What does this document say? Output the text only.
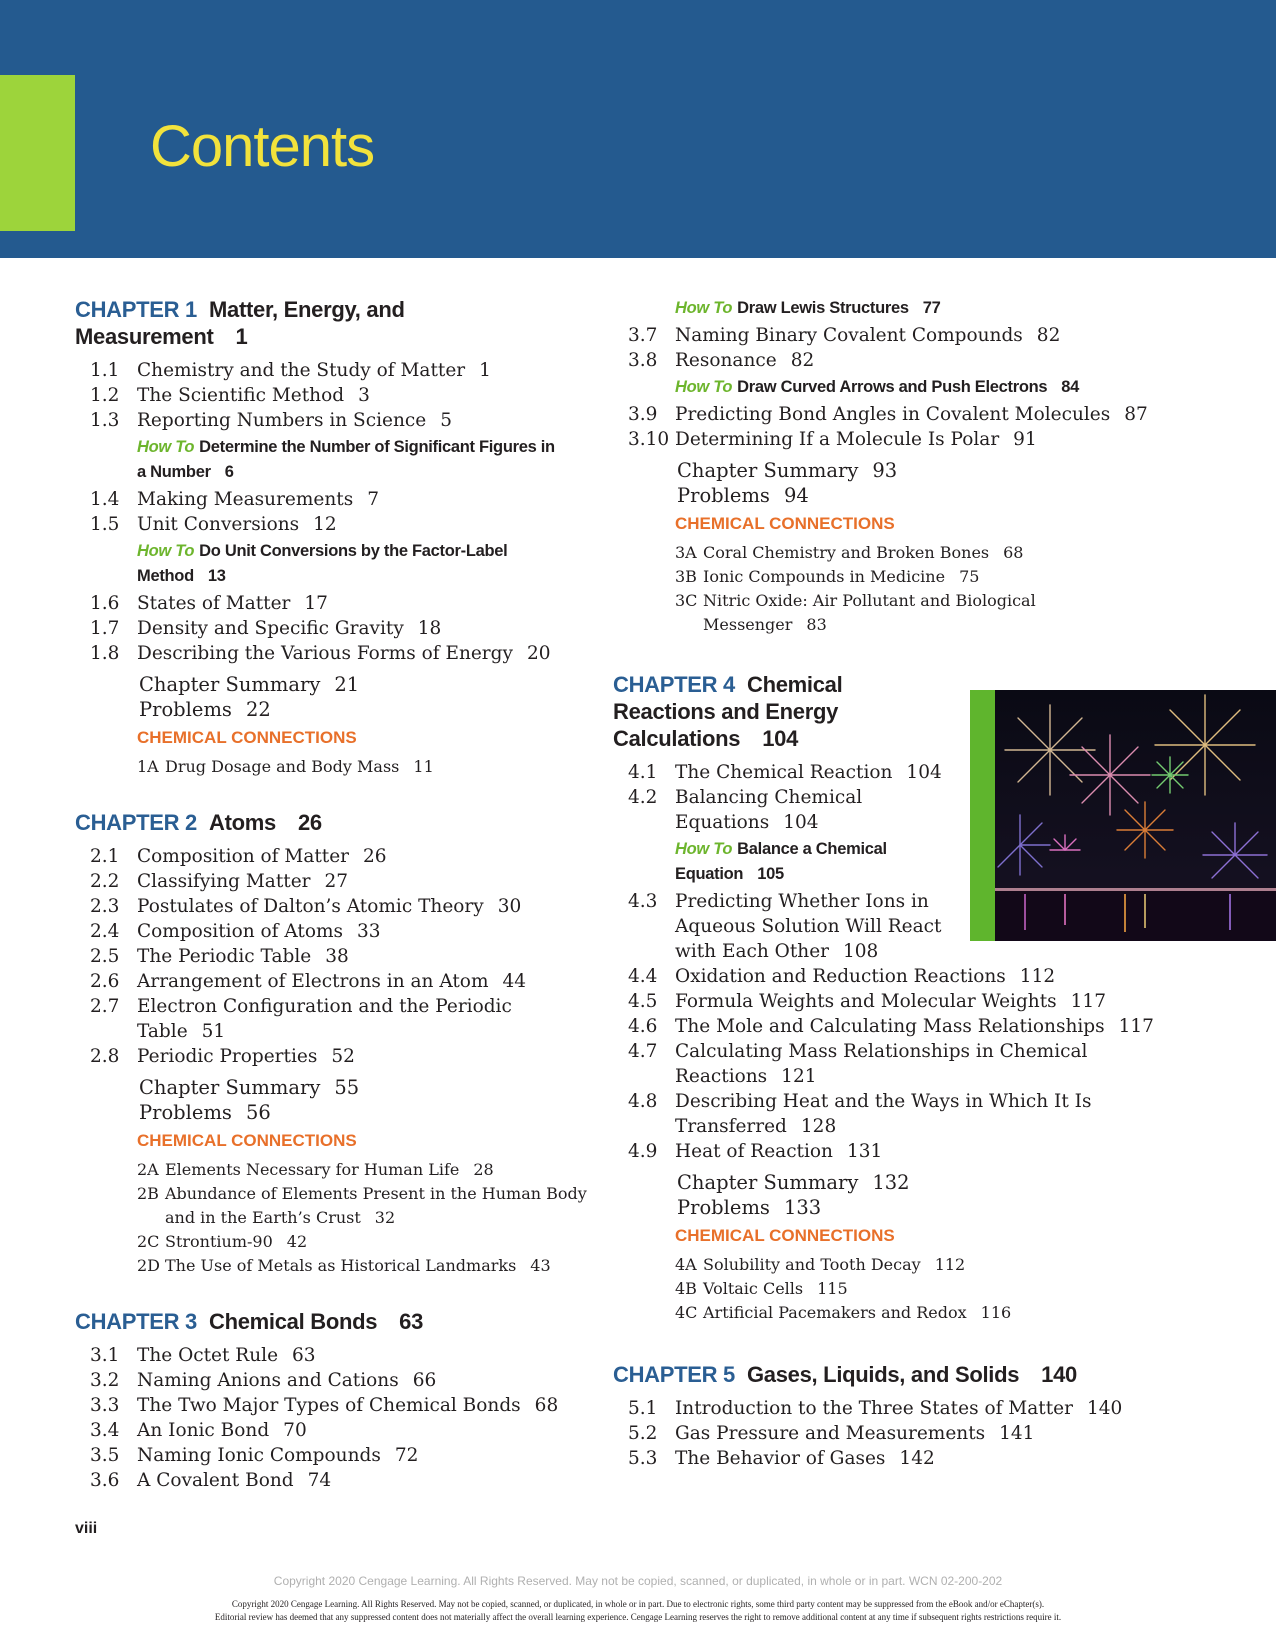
Contents
CHAPTER 1 Matter, Energy, and
Measurement 1
1.1 Chemistry and the Study of Matter 1
1.2 The Scientific Method 3
1.3 Reporting Numbers in Science 5
How To Determine the Number of Significant Figures in
a Number 6
1.4 Making Measurements 7
1.5 Unit Conversions 12
How To Do Unit Conversions by the Factor-Label
Method 13
1.6 States of Matter 17
1.7 Density and Specific Gravity 18
1.8 Describing the Various Forms of Energy 20
Chapter Summary 21
Problems 22
CHEMICAL CONNECTIONS
1A Drug Dosage and Body Mass 11
CHAPTER 2 Atoms 26
2.1 Composition of Matter 26
2.2 Classifying Matter 27
2.3 Postulates of Dalton’s Atomic Theory 30
2.4 Composition of Atoms 33
2.5 The Periodic Table 38
2.6 Arrangement of Electrons in an Atom 44
2.7 Electron Configuration and the Periodic Table 51
2.8 Periodic Properties 52
Chapter Summary 55
Problems 56
CHEMICAL CONNECTIONS
2A Elements Necessary for Human Life 28
2B Abundance of Elements Present in the Human Body
and in the Earth’s Crust 32
2C Strontium-90 42
2D The Use of Metals as Historical Landmarks 43
CHAPTER 3 Chemical Bonds 63
3.1 The Octet Rule 63
3.2 Naming Anions and Cations 66
3.3 The Two Major Types of Chemical Bonds 68
3.4 An Ionic Bond 70
3.5 Naming Ionic Compounds 72
3.6 A Covalent Bond 74
How To Draw Lewis Structures 77
3.7 Naming Binary Covalent Compounds 82
3.8 Resonance 82
How To Draw Curved Arrows and Push Electrons 84
3.9 Predicting Bond Angles in Covalent Molecules 87
3.10 Determining If a Molecule Is Polar 91
Chapter Summary 93
Problems 94
CHEMICAL CONNECTIONS
3A Coral Chemistry and Broken Bones 68
3B Ionic Compounds in Medicine 75
3C Nitric Oxide: Air Pollutant and Biological
Messenger 83
CHAPTER 4 Chemical
Reactions and Energy
Calculations 104
4.1 The Chemical Reaction 104
4.2 Balancing Chemical
Equations 104
How To Balance a Chemical
Equation 105
4.3 Predicting Whether Ions in
Aqueous Solution Will React
with Each Other 108
4.4 Oxidation and Reduction Reactions 112
4.5 Formula Weights and Molecular Weights 117
4.6 The Mole and Calculating Mass Relationships 117
4.7 Calculating Mass Relationships in Chemical
Reactions 121
4.8 Describing Heat and the Ways in Which It Is
Transferred 128
4.9 Heat of Reaction 131
Chapter Summary 132
Problems 133
CHEMICAL CONNECTIONS
4A Solubility and Tooth Decay 112
4B Voltaic Cells 115
4C Artificial Pacemakers and Redox 116
CHAPTER 5 Gases, Liquids, and Solids 140
5.1 Introduction to the Three States of Matter 140
5.2 Gas Pressure and Measurements 141
5.3 The Behavior of Gases 142
viii
Copyright 2020 Cengage Learning. All Rights Reserved. May not be copied, scanned, or duplicated, in whole or in part. WCN 02-200-202
Copyright 2020 Cengage Learning. All Rights Reserved. May not be copied, scanned, or duplicated, in whole or in part. Due to electronic rights, some third party content may be suppressed from the eBook and/or eChapter(s).
Editorial review has deemed that any suppressed content does not materially affect the overall learning experience. Cengage Learning reserves the right to remove additional content at any time if subsequent rights restrictions require it.
